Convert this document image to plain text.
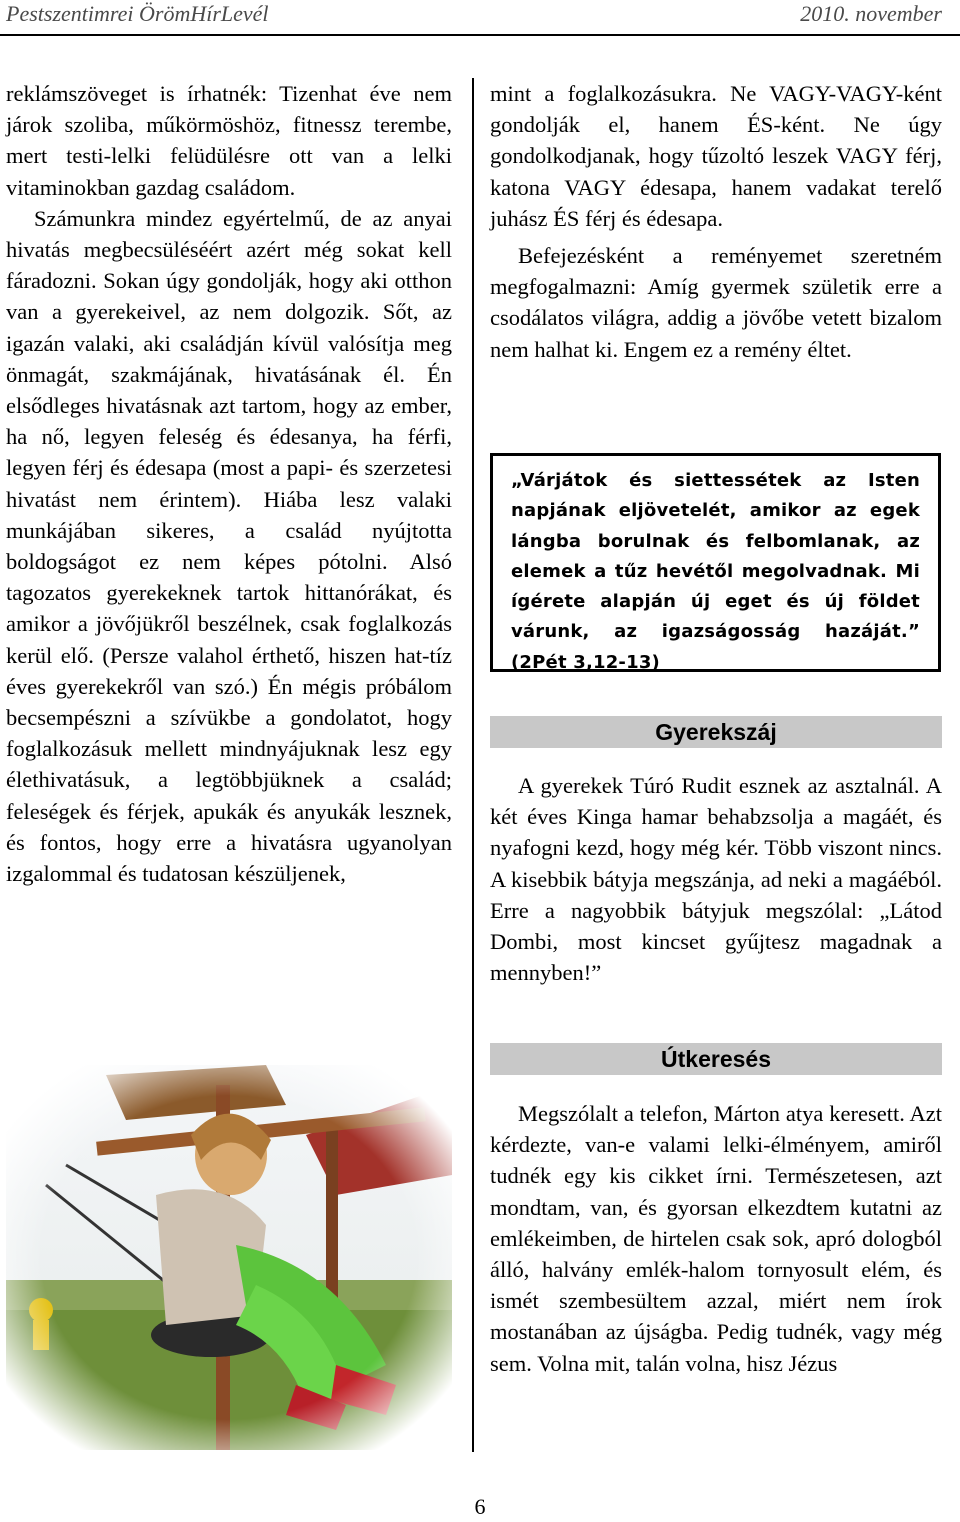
Pestszentimrei ÖrömHírLevél	2010. november

reklámszöveget is írhatnék: Tizenhat éve nem járok szoliba, műkörmöshöz, fitnessz terembe, mert testi-lelki felüdülésre ott van a lelki vitaminokban gazdag családom.

Számunkra mindez egyértelmű, de az anyai hivatás megbecsüléséért azért még sokat kell fáradozni. Sokan úgy gondolják, hogy aki otthon van a gyerekeivel, az nem dolgozik. Sőt, az igazán valaki, aki családján kívül valósítja meg önmagát, szakmájának, hivatásának él. Én elsődleges hivatásnak azt tartom, hogy az ember, ha nő, legyen feleség és édesanya, ha férfi, legyen férj és édesapa (most a papi- és szerzetesi hivatást nem érintem). Hiába lesz valaki munkájában sikeres, a család nyújtotta boldogságot ez nem képes pótolni. Alsó tagozatos gyerekeknek tartok hittanórákat, és amikor a jövőjükről beszélnek, csak foglalkozás kerül elő. (Persze valahol érthető, hiszen hat-tíz éves gyerekekről van szó.) Én mégis próbálom becsempészni a szívükbe a gondolatot, hogy foglalkozásuk mellett mindnyájuknak lesz egy élethivatásuk, a legtöbbjüknek a család; feleségek és férjek, apukák és anyukák lesznek, és fontos, hogy erre a hivatásra ugyanolyan izgalommal és tudatosan készüljenek,

mint a foglalkozásukra. Ne VAGY-VAGY-ként gondolják el, hanem ÉS-ként. Ne úgy gondolkodjanak, hogy tűzoltó leszek VAGY férj, katona VAGY édesapa, hanem vadakat terelő juhász ÉS férj és édesapa.

Befejezésként a reményemet szeretném megfogalmazni: Amíg gyermek születik erre a csodálatos világra, addig a jövőbe vetett bizalom nem halhat ki. Engem ez a remény éltet.

„Várjátok és siettessétek az Isten napjának eljövetelét, amikor az egek lángba borulnak és felbomlanak, az elemek a tűz hevétől megolvadnak. Mi ígérete alapján új eget és új földet várunk, az igazságosság hazáját.” (2Pét 3,12-13)
Gyerekszáj

A gyerekek Túró Rudit esznek az asztalnál. A két éves Kinga hamar behabzsolja a magáét, és nyafogni kezd, hogy még kér. Több viszont nincs. A kisebbik bátyja megszánja, ad neki a magáéból. Erre a nagyobbik bátyjuk megszólal: „Látod Dombi, most kincset gyűjtesz magadnak a mennyben!”

Útkeresés

Megszólalt a telefon, Márton atya keresett. Azt kérdezte, van-e valami lelki-élményem, amiről tudnék egy kis cikket írni. Természetesen, azt mondtam, van, és gyorsan elkezdtem kutatni az emlékeimben, de hirtelen csak sok, apró dologból álló, halvány emlék-halom tornyosult elém, és ismét szembesültem azzal, miért nem írok mostanában az újságba. Pedig tudnék, vagy még sem. Volna mit, talán volna, hisz Jézus

6
